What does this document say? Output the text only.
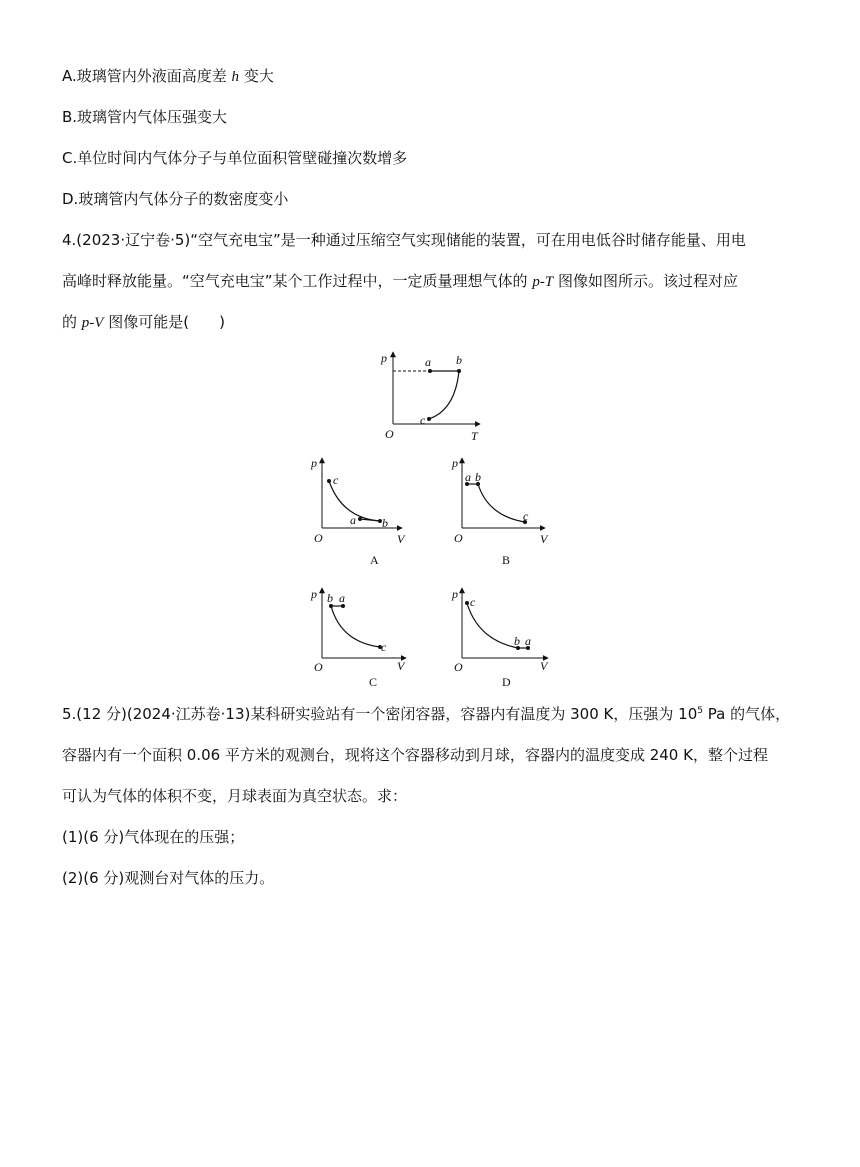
A.玻璃管内外液面高度差 h 变大
B.玻璃管内气体压强变大
C.单位时间内气体分子与单位面积管壁碰撞次数增多
D.玻璃管内气体分子的数密度变小
4.(2023·辽宁卷·5)“空气充电宝”是一种通过压缩空气实现储能的装置，可在用电低谷时储存能量、用电
高峰时释放能量。“空气充电宝”某个工作过程中，一定质量理想气体的 p-T 图像如图所示。该过程对应
的 p-V 图像可能是(　　)
p
T
O
a b
c
p
V
O
c
a b
A
p
V
O
a b
c
B
p
V
O
b a
c
C
p
V
O
c
b a
D
5.(12 分)(2024·江苏卷·13)某科研实验站有一个密闭容器，容器内有温度为 300 K，压强为 $10^5$ Pa 的气体，
容器内有一个面积 0.06 平方米的观测台，现将这个容器移动到月球，容器内的温度变成 240 K，整个过程
可认为气体的体积不变，月球表面为真空状态。求：
(1)(6 分)气体现在的压强；
(2)(6 分)观测台对气体的压力。
